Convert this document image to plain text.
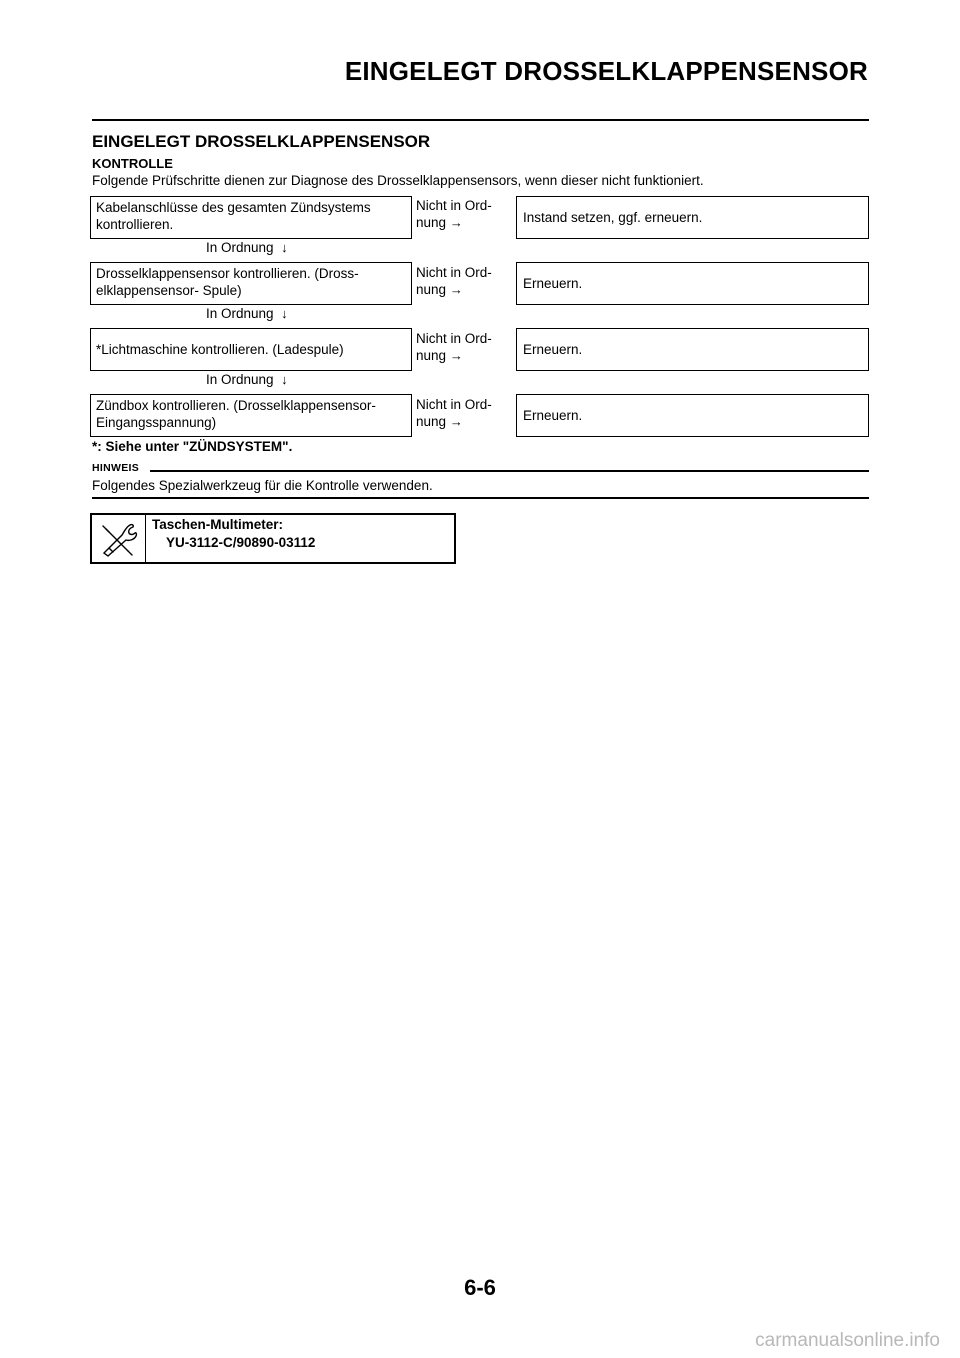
EINGELEGT DROSSELKLAPPENSENSOR
EINGELEGT DROSSELKLAPPENSENSOR
KONTROLLE
Folgende Prüfschritte dienen zur Diagnose des Drosselklappensensors, wenn dieser nicht funktioniert.
Kabelanschlüsse des gesamten Zündsystems
kontrollieren.
Nicht in Ord-
nung →	Instand setzen, ggf. erneuern.
In Ordnung ↓
Drosselklappensensor kontrollieren. (Dross-
elklappensensor- Spule)
Nicht in Ord-
nung →	Erneuern.
In Ordnung ↓
*Lichtmaschine kontrollieren. (Ladespule)
Nicht in Ord-
nung →	Erneuern.
In Ordnung ↓
Zündbox kontrollieren. (Drosselklappensensor-
Eingangsspannung)
Nicht in Ord-
nung →	Erneuern.
*: Siehe unter "ZÜNDSYSTEM".
HINWEIS
Folgendes Spezialwerkzeug für die Kontrolle verwenden.
Taschen-Multimeter:
YU-3112-C/90890-03112
6-6
carmanualsonline.info
